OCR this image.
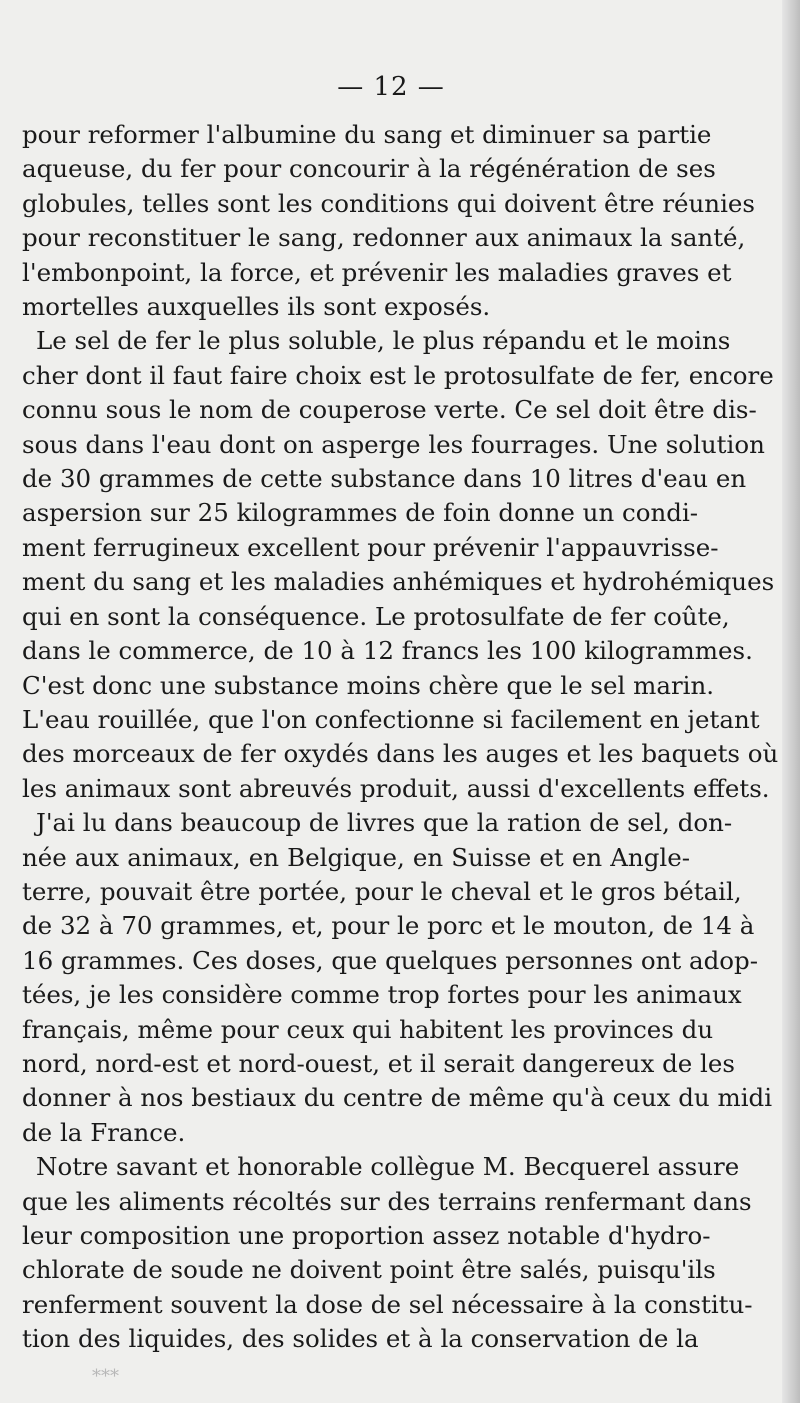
— 12 —
pour reformer l'albumine du sang et diminuer sa partie
aqueuse, du fer pour concourir à la régénération de ses
globules, telles sont les conditions qui doivent être réunies
pour reconstituer le sang, redonner aux animaux la santé,
l'embonpoint, la force, et prévenir les maladies graves et
mortelles auxquelles ils sont exposés.
Le sel de fer le plus soluble, le plus répandu et le moins
cher dont il faut faire choix est le protosulfate de fer, encore
connu sous le nom de couperose verte. Ce sel doit être dis-
sous dans l'eau dont on asperge les fourrages. Une solution
de 30 grammes de cette substance dans 10 litres d'eau en
aspersion sur 25 kilogrammes de foin donne un condi-
ment ferrugineux excellent pour prévenir l'appauvrisse-
ment du sang et les maladies anhémiques et hydrohémiques
qui en sont la conséquence. Le protosulfate de fer coûte,
dans le commerce, de 10 à 12 francs les 100 kilogrammes.
C'est donc une substance moins chère que le sel marin.
L'eau rouillée, que l'on confectionne si facilement en jetant
des morceaux de fer oxydés dans les auges et les baquets où
les animaux sont abreuvés produit, aussi d'excellents effets.
J'ai lu dans beaucoup de livres que la ration de sel, don-
née aux animaux, en Belgique, en Suisse et en Angle-
terre, pouvait être portée, pour le cheval et le gros bétail,
de 32 à 70 grammes, et, pour le porc et le mouton, de 14 à
16 grammes. Ces doses, que quelques personnes ont adop-
tées, je les considère comme trop fortes pour les animaux
français, même pour ceux qui habitent les provinces du
nord, nord-est et nord-ouest, et il serait dangereux de les
donner à nos bestiaux du centre de même qu'à ceux du midi
de la France.
Notre savant et honorable collègue M. Becquerel assure
que les aliments récoltés sur des terrains renfermant dans
leur composition une proportion assez notable d'hydro-
chlorate de soude ne doivent point être salés, puisqu'ils
renferment souvent la dose de sel nécessaire à la constitu-
tion des liquides, des solides et à la conservation de la
***
